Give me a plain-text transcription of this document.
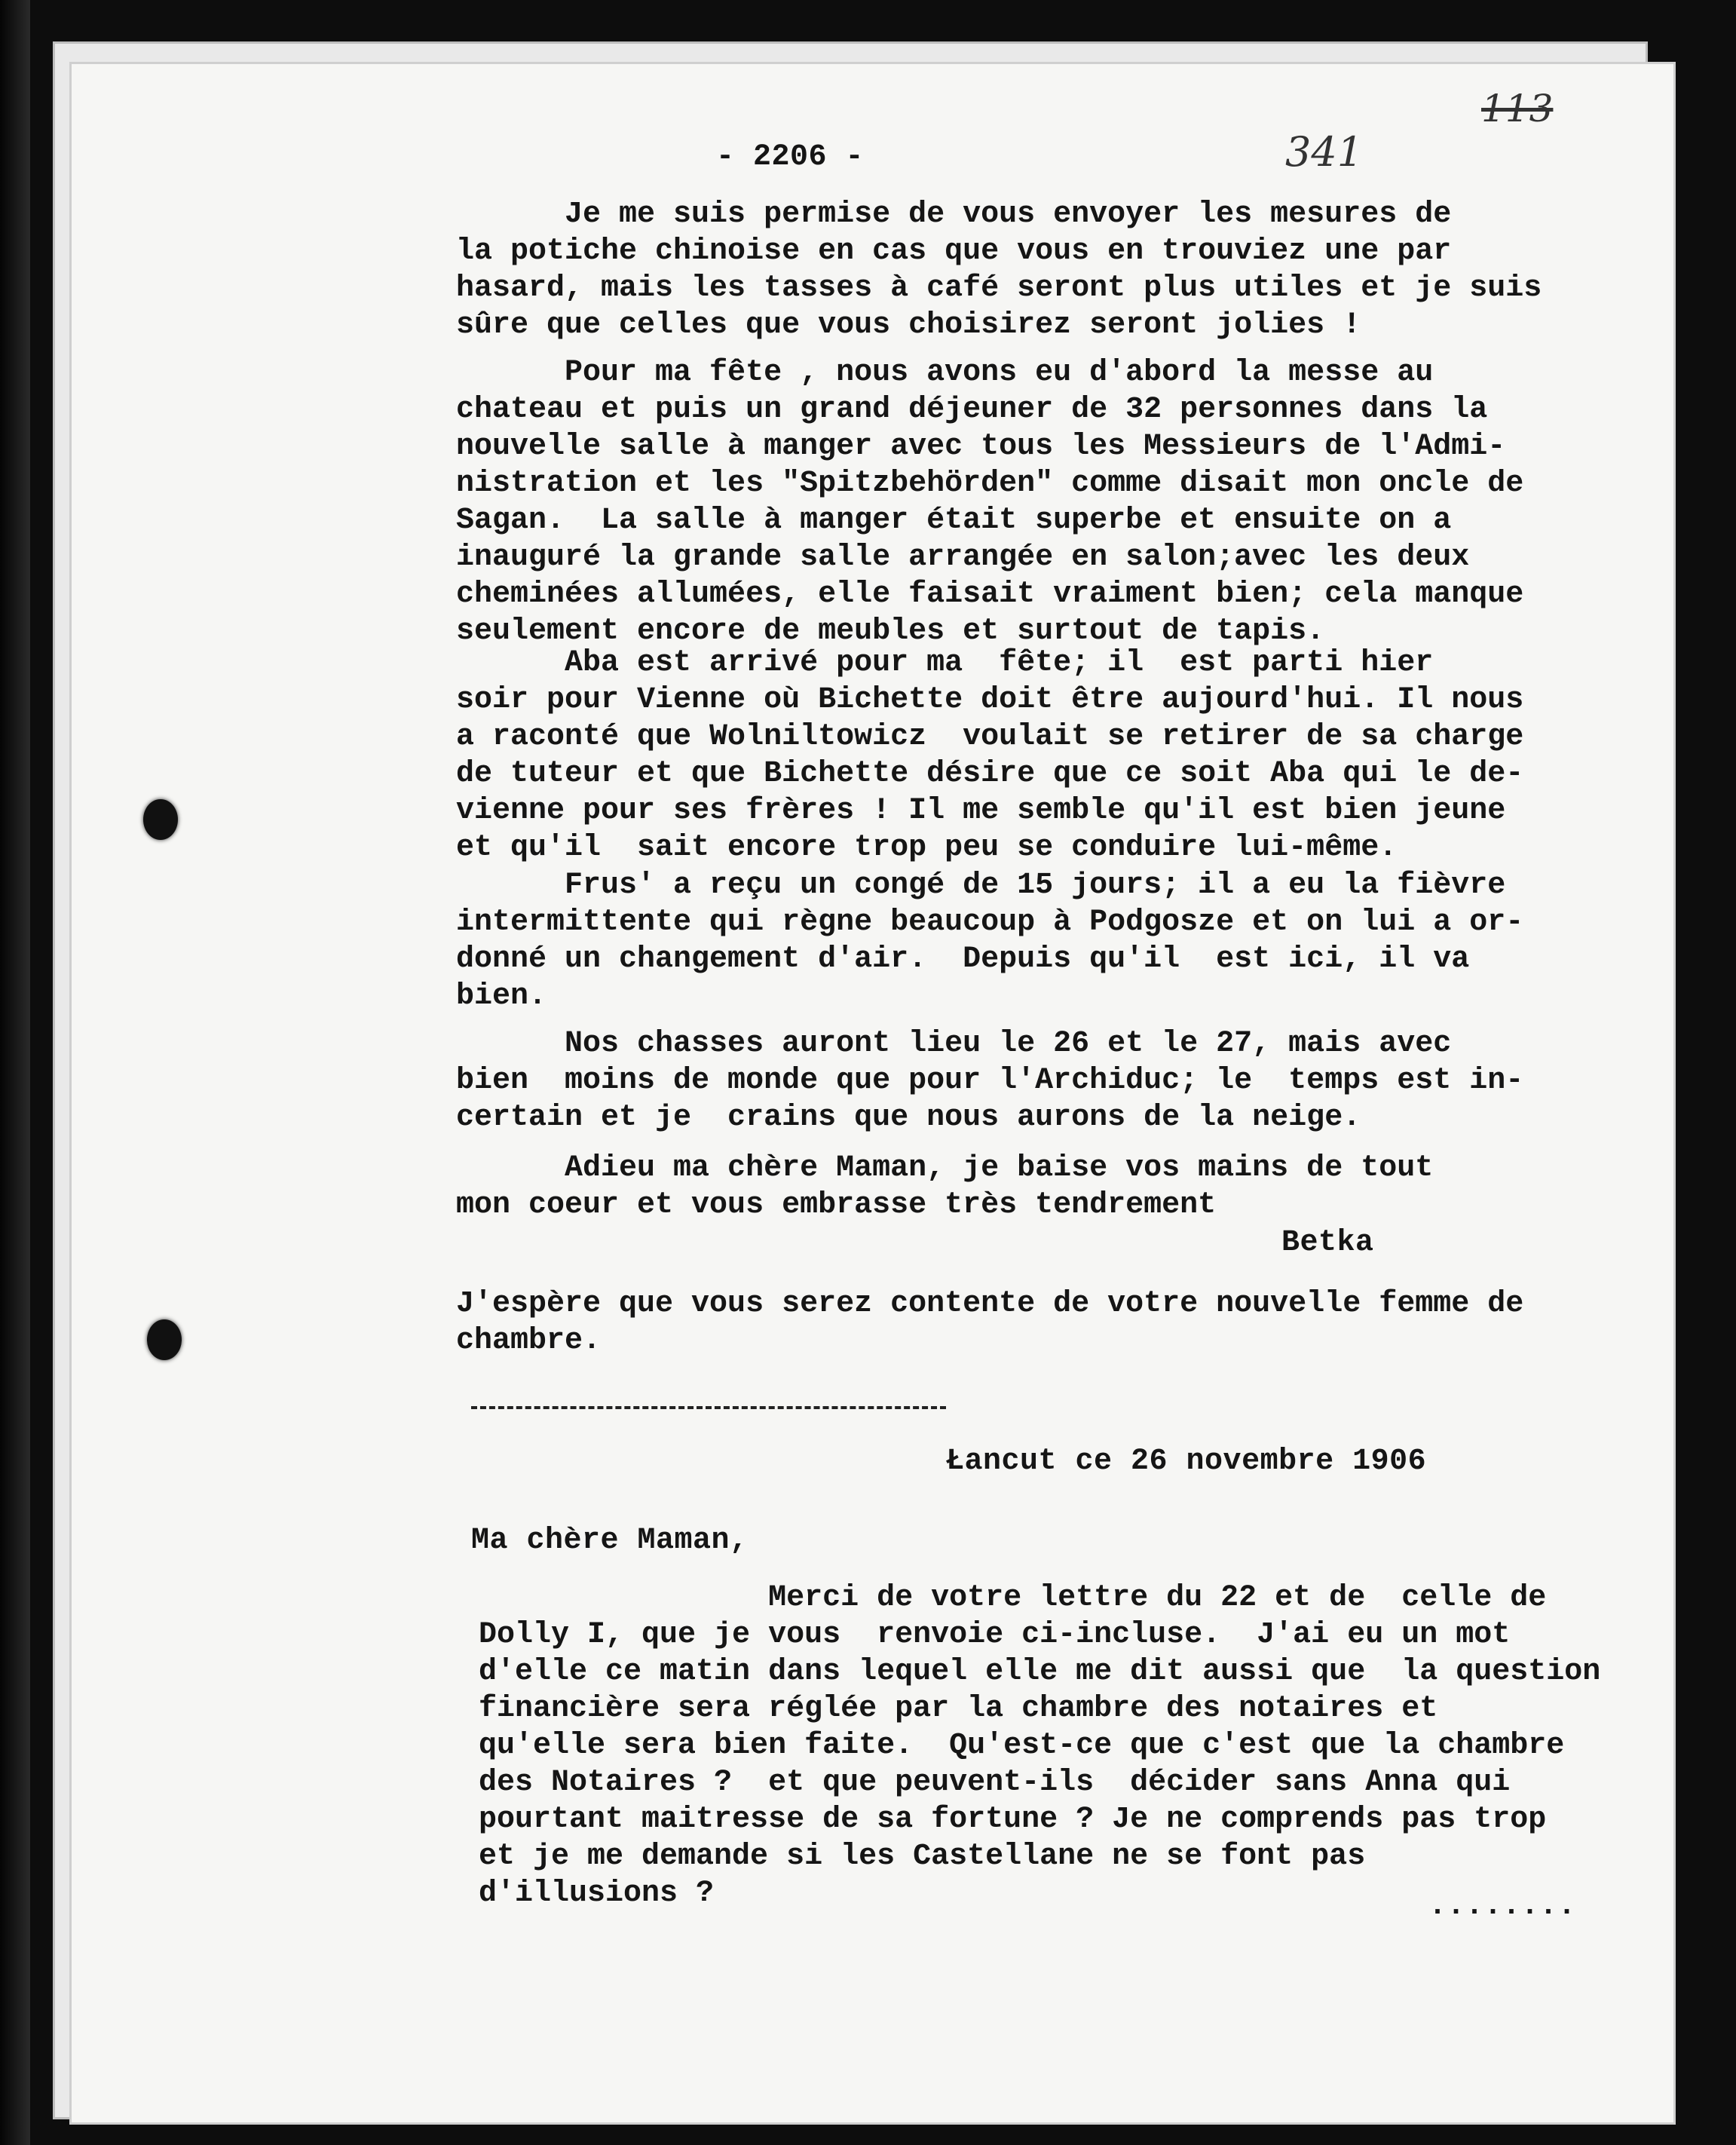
- 2206 -	341
113
Je me suis permise de vous envoyer les mesures de
la potiche chinoise en cas que vous en trouviez une par
hasard, mais les tasses à café seront plus utiles et je suis
sûre que celles que vous choisirez seront jolies !
Pour ma fête , nous avons eu d'abord la messe au
chateau et puis un grand déjeuner de 32 personnes dans la
nouvelle salle à manger avec tous les Messieurs de l'Admi-
nistration et les "Spitzbehörden" comme disait mon oncle de
Sagan.  La salle à manger était superbe et ensuite on a
inauguré la grande salle arrangée en salon;avec les deux
cheminées allumées, elle faisait vraiment bien; cela manque
seulement encore de meubles et surtout de tapis.
Aba est arrivé pour ma  fête; il  est parti hier
soir pour Vienne où Bichette doit être aujourd'hui. Il nous
a raconté que Wolniltowicz  voulait se retirer de sa charge
de tuteur et que Bichette désire que ce soit Aba qui le de-
vienne pour ses frères ! Il me semble qu'il est bien jeune
et qu'il  sait encore trop peu se conduire lui-même.
Frus' a reçu un congé de 15 jours; il a eu la fièvre
intermittente qui règne beaucoup à Podgosze et on lui a or-
donné un changement d'air.  Depuis qu'il  est ici, il va
bien.
Nos chasses auront lieu le 26 et le 27, mais avec
bien  moins de monde que pour l'Archiduc; le  temps est in-
certain et je  crains que nous aurons de la neige.
Adieu ma chère Maman, je baise vos mains de tout
mon coeur et vous embrasse très tendrement
Betka
J'espère que vous serez contente de votre nouvelle femme de
chambre.
Łancut ce 26 novembre 1906
Ma chère Maman,
Merci de votre lettre du 22 et de  celle de
Dolly I, que je vous  renvoie ci-incluse.  J'ai eu un mot
d'elle ce matin dans lequel elle me dit aussi que  la question
financière sera réglée par la chambre des notaires et
qu'elle sera bien faite.  Qu'est-ce que c'est que la chambre
des Notaires ?  et que peuvent-ils  décider sans Anna qui
pourtant maitresse de sa fortune ? Je ne comprends pas trop
et je me demande si les Castellane ne se font pas
d'illusions ?	........
